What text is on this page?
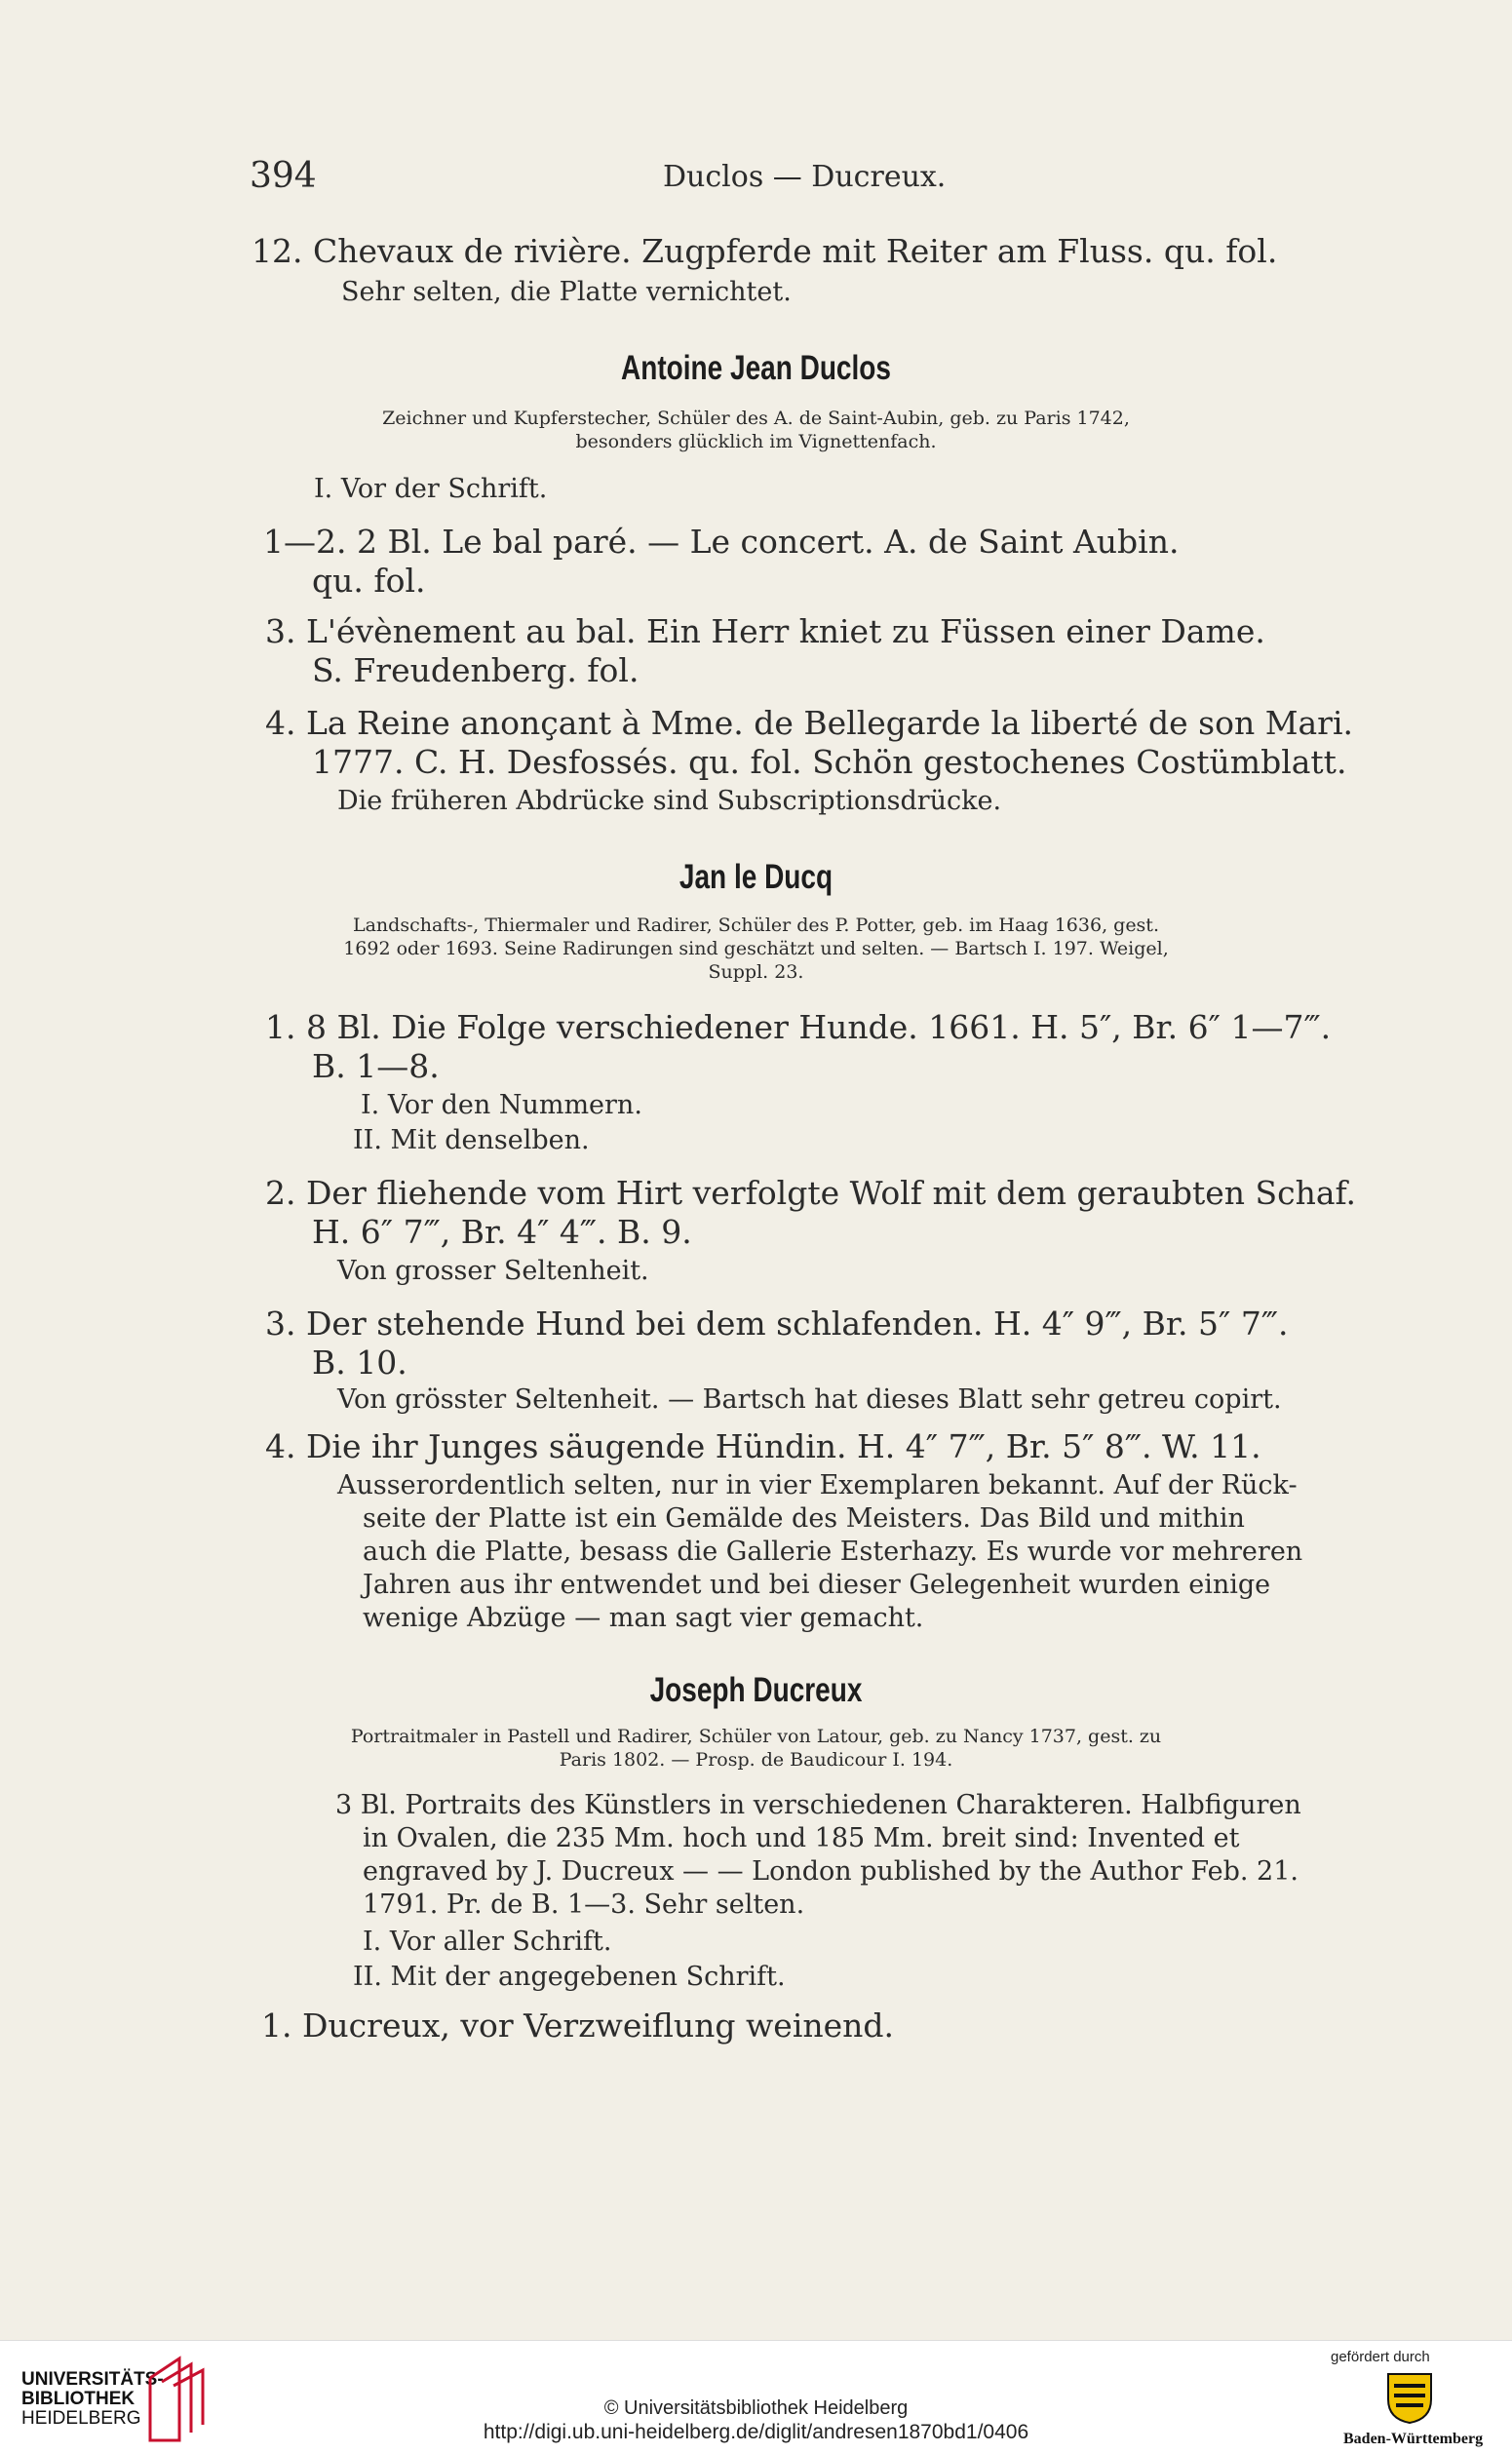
394	Duclos — Ducreux.
12. Chevaux de rivière. Zugpferde mit Reiter am Fluss. qu. fol.
Sehr selten, die Platte vernichtet.
Antoine Jean Duclos
Zeichner und Kupferstecher, Schüler des A. de Saint-Aubin, geb. zu Paris 1742,
besonders glücklich im Vignettenfach.
I. Vor der Schrift.
1—2. 2 Bl. Le bal paré. — Le concert. A. de Saint Aubin.
qu. fol.
3. L'évènement au bal. Ein Herr kniet zu Füssen einer Dame.
S. Freudenberg. fol.
4. La Reine anonçant à Mme. de Bellegarde la liberté de son Mari.
1777. C. H. Desfossés. qu. fol. Schön gestochenes Costümblatt.
Die früheren Abdrücke sind Subscriptionsdrücke.
Jan le Ducq
Landschafts-, Thiermaler und Radirer, Schüler des P. Potter, geb. im Haag 1636, gest.
1692 oder 1693. Seine Radirungen sind geschätzt und selten. — Bartsch I. 197. Weigel,
Suppl. 23.
1. 8 Bl. Die Folge verschiedener Hunde. 1661. H. 5″, Br. 6″ 1—7‴.
B. 1—8.
I. Vor den Nummern.
II. Mit denselben.
2. Der fliehende vom Hirt verfolgte Wolf mit dem geraubten Schaf.
H. 6″ 7‴, Br. 4″ 4‴. B. 9.
Von grosser Seltenheit.
3. Der stehende Hund bei dem schlafenden. H. 4″ 9‴, Br. 5″ 7‴.
B. 10.
Von grösster Seltenheit. — Bartsch hat dieses Blatt sehr getreu copirt.
4. Die ihr Junges säugende Hündin. H. 4″ 7‴, Br. 5″ 8‴. W. 11.
Ausserordentlich selten, nur in vier Exemplaren bekannt. Auf der Rück-
seite der Platte ist ein Gemälde des Meisters. Das Bild und mithin
auch die Platte, besass die Gallerie Esterhazy. Es wurde vor mehreren
Jahren aus ihr entwendet und bei dieser Gelegenheit wurden einige
wenige Abzüge — man sagt vier gemacht.
Joseph Ducreux
Portraitmaler in Pastell und Radirer, Schüler von Latour, geb. zu Nancy 1737, gest. zu
Paris 1802. — Prosp. de Baudicour I. 194.
3 Bl. Portraits des Künstlers in verschiedenen Charakteren. Halbfiguren
in Ovalen, die 235 Mm. hoch und 185 Mm. breit sind: Invented et
engraved by J. Ducreux — — London published by the Author Feb. 21.
1791. Pr. de B. 1—3. Sehr selten.
I. Vor aller Schrift.
II. Mit der angegebenen Schrift.
1. Ducreux, vor Verzweiflung weinend.
UNIVERSITÄTS-
BIBLIOTHEK
HEIDELBERG	© Universitätsbibliothek Heidelberg
http://digi.ub.uni-heidelberg.de/diglit/andresen1870bd1/0406
gefördert durch
Baden-Württemberg
